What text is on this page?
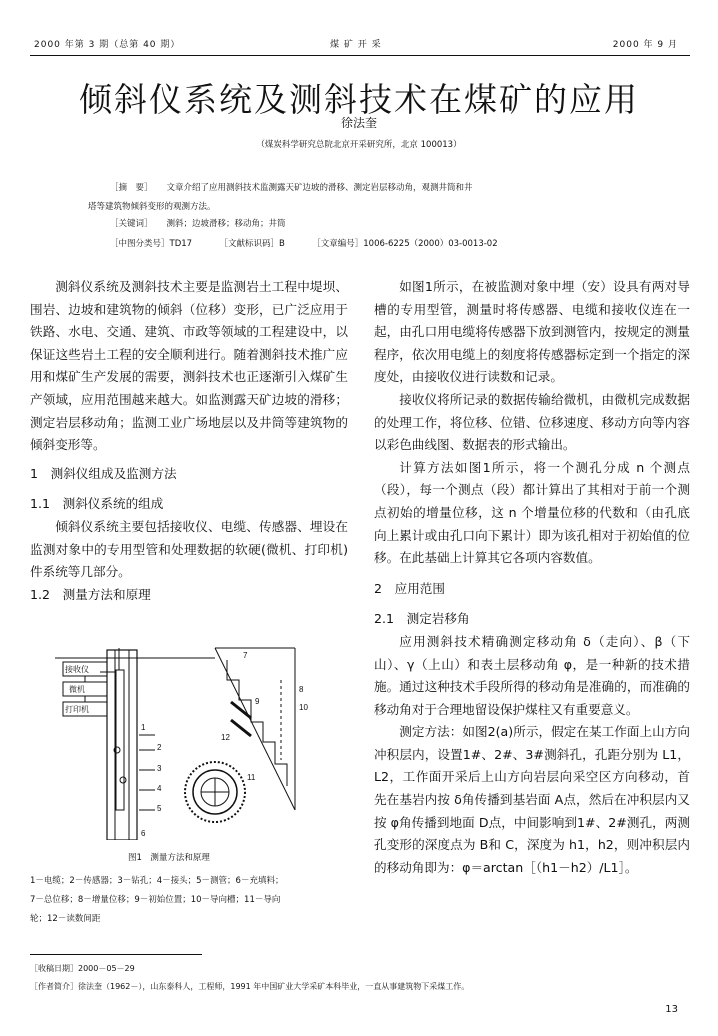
2000 年第 3 期（总第 40 期）	煤 矿 开 采	2000 年 9 月
倾斜仪系统及测斜技术在煤矿的应用
徐法奎
（煤炭科学研究总院北京开采研究所，北京 100013）
［摘　要］ 文章介绍了应用测斜技术监测露天矿边坡的滑移、测定岩层移动角，观测井筒和井
塔等建筑物倾斜变形的观测方法。
［关键词］ 测斜；边坡滑移；移动角；井筒
［中图分类号］TD17	［文献标识码］B	［文章编号］1006-6225（2000）03-0013-02

测斜仪系统及测斜技术主要是监测岩土工程中堤坝、围岩、边坡和建筑物的倾斜（位移）变形，已广泛应用于铁路、水电、交通、建筑、市政等领域的工程建设中，以保证这些岩土工程的安全顺利进行。随着测斜技术推广应用和煤矿生产发展的需要，测斜技术也正逐渐引入煤矿生产领域，应用范围越来越大。如监测露天矿边坡的滑移；测定岩层移动角；监测工业广场地层以及井筒等建筑物的倾斜变形等。

1　测斜仪组成及监测方法

1.1　测斜仪系统的组成

倾斜仪系统主要包括接收仪、电缆、传感器、埋设在监测对象中的专用型管和处理数据的软硬(微机、打印机)件系统等几部分。

1.2　测量方法和原理

接收仪
微机
打印机
1
2
3
4
5
6
7
8
9
10
11
12
图1　测量方法和原理
1－电缆；2－传感器；3－钻孔；4－接头；5－测管；6－充填料；
7－总位移；8－增量位移；9－初始位置；10－导向槽；11－导向
轮；12－读数间距
［收稿日期］2000－05－29
［作者简介］徐法奎（1962－），山东泰科人，工程师，1991 年中国矿业大学采矿本科毕业，一直从事建筑物下采煤工作。

如图1所示，在被监测对象中埋（安）设具有两对导槽的专用型管，测量时将传感器、电缆和接收仪连在一起，由孔口用电缆将传感器下放到测管内，按规定的测量程序，依次用电缆上的刻度将传感器标定到一个指定的深度处，由接收仪进行读数和记录。

接收仪将所记录的数据传输给微机，由微机完成数据的处理工作，将位移、位错、位移速度、移动方向等内容以彩色曲线图、数据表的形式输出。

计算方法如图1所示，将一个测孔分成 n 个测点（段），每一个测点（段）都计算出了其相对于前一个测点初始的增量位移，这 n 个增量位移的代数和（由孔底向上累计或由孔口向下累计）即为该孔相对于初始值的位移。在此基础上计算其它各项内容数值。

2　应用范围

2.1　测定岩移角

应用测斜技术精确测定移动角 δ（走向）、β（下山）、γ（上山）和表土层移动角 φ，是一种新的技术措施。通过这种技术手段所得的移动角是准确的，而准确的移动角对于合理地留设保护煤柱又有重要意义。

测定方法：如图2(a)所示，假定在某工作面上山方向冲积层内，设置1#、2#、3#测斜孔，孔距分别为 L1，L2，工作面开采后上山方向岩层向采空区方向移动，首先在基岩内按 δ角传播到基岩面 A点，然后在冲积层内又按 φ角传播到地面 D点，中间影响到1#、2#测孔，两测孔变形的深度点为 B和 C，深度为 h1，h2，则冲积层内的移动角即为：φ＝arctan［（h1－h2）/L1］。

13
